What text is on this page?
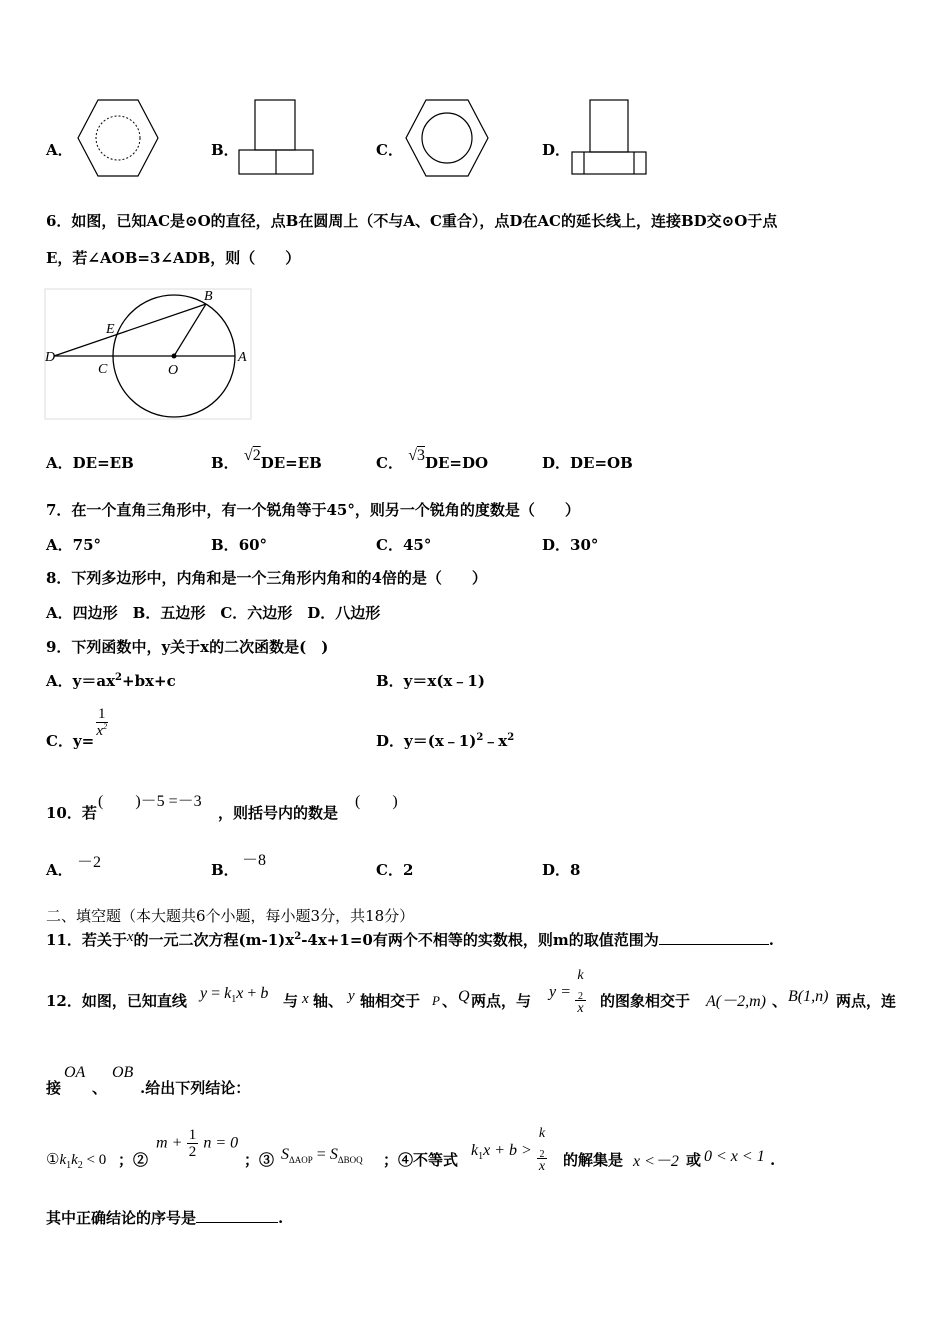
A．	B．	C．	D．
6．如图，已知AC是⊙O的直径，点B在圆周上（不与A、C重合），点D在AC的延长线上，连接BD交⊙O于点
E，若∠AOB=3∠ADB，则（　　）
B
E
D
C	O
A
A．DE=EB	B． √2DE=EB	C． √3DE=DO	D．DE=OB
7．在一个直角三角形中，有一个锐角等于45°，则另一个锐角的度数是（　　）
A．75°	B．60°	C．45°	D．30°
8．下列多边形中，内角和是一个三角形内角和的4倍的是（　　）
A．四边形　B．五边形　C．六边形　D．八边形
9．下列函数中，y关于x的二次函数是(　)
A．$y=ax^2+bx+c$	B．y＝x(x﹣1)
C．y=
$\frac{1}{x^2}$
D．$y=(x﹣1)^2﹣x^2$
10．若
(　　)－5 =－3
，则括号内的数是
(　　)
A． －2	B．
－8
C．2	D．8
二、填空题（本大题共6个小题，每小题3分，共18分）
11．若关于x的一元二次方程$(m-1)x^2-4x+1=0$有两个不相等的实数根，则m的取值范围为	.
12．如图，已知直线 $y = k_1x + b$ 与 x 轴、 y 轴相交于 P 、 Q 两点，与 y = k
$_2$
x 的图象相交于 A(－2,m) 、 B(1,n) 两点，连
接
OA
、
OB
.给出下列结论：
$①k_1k_2 < 0$ ；②
$m + \frac{1}{2}$ n = 0
；③ $S_{\Delta AOP} = S_{\Delta BOQ}$ ；④不等式
$k_1x + b > k$
$_2$
x 的解集是 x <－2 或 0 < x < 1 .
其中正确结论的序号是	.
